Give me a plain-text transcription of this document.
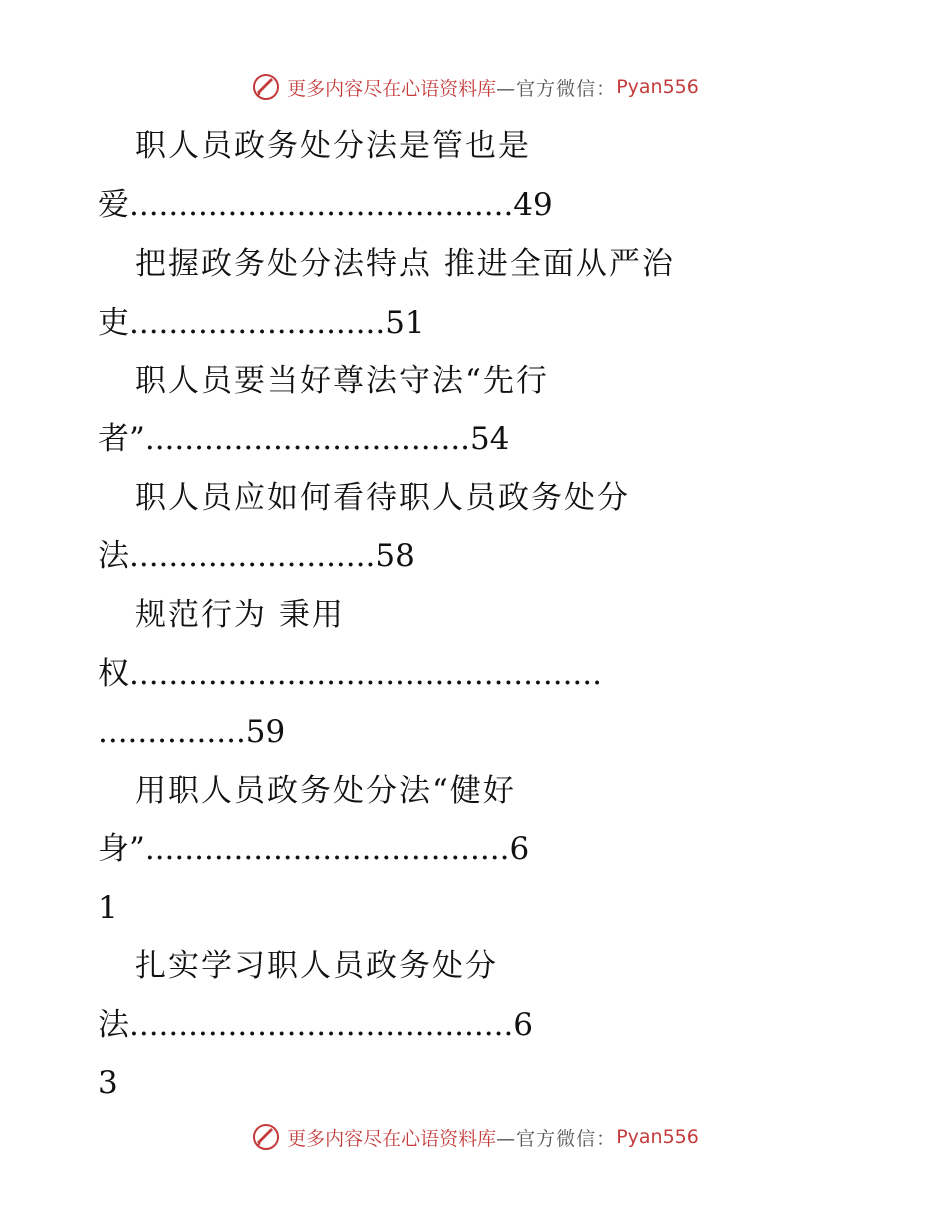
更多内容尽在心语资料库 —官方微信： Pyan556
职人员政务处分法是管也是
爱.......................................49
把握政务处分法特点 推进全面从严治
吏..........................51
职人员要当好尊法守法“先行
者”.................................54
职人员应如何看待职人员政务处分
法.........................58
规范行为 秉用
权................................................
...............59
用职人员政务处分法“健好
身”.....................................6
1
扎实学习职人员政务处分
法.......................................6
3
更多内容尽在心语资料库 —官方微信： Pyan556
